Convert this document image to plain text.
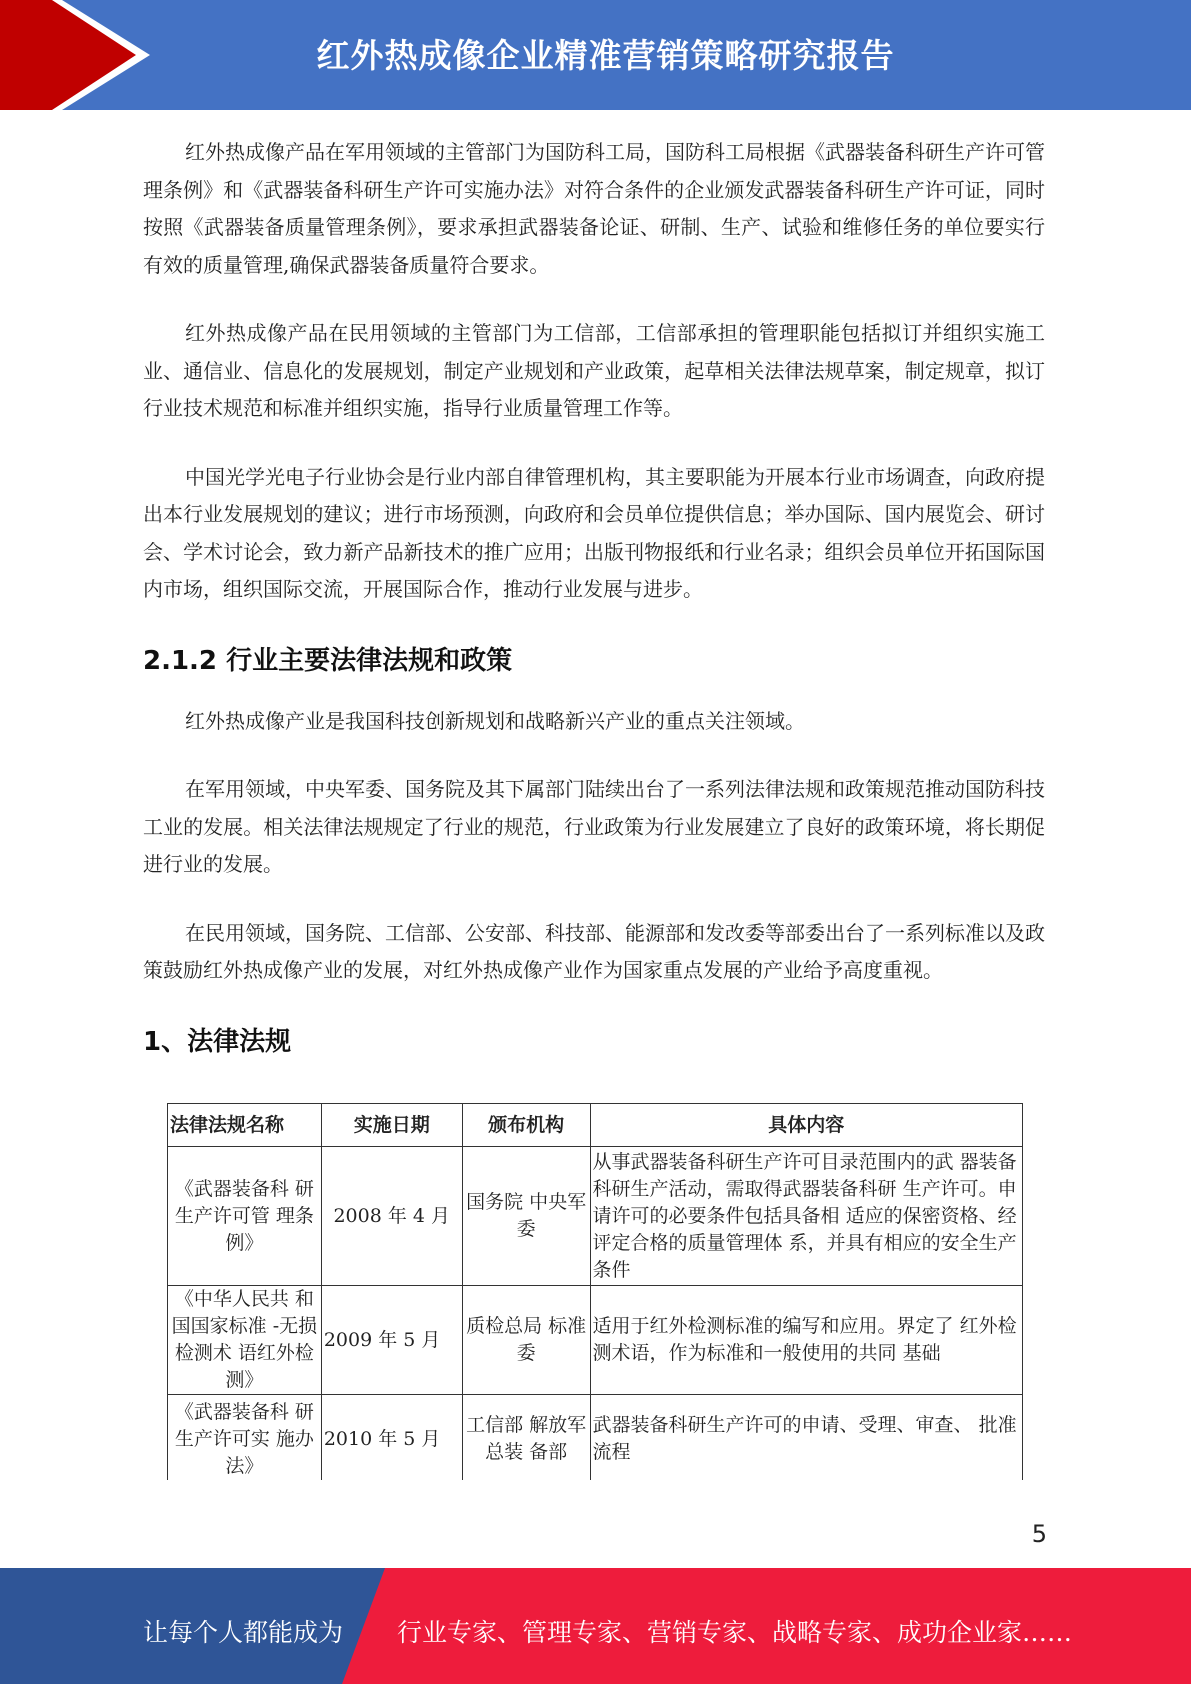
红外热成像企业精准营销策略研究报告

红外热成像产品在军用领域的主管部门为国防科工局，国防科工局根据《武器装备科研生产许可管理条例》和《武器装备科研生产许可实施办法》对符合条件的企业颁发武器装备科研生产许可证，同时按照《武器装备质量管理条例》，要求承担武器装备论证、研制、生产、试验和维修任务的单位要实行有效的质量管理,确保武器装备质量符合要求。

红外热成像产品在民用领域的主管部门为工信部，工信部承担的管理职能包括拟订并组织实施工业、通信业、信息化的发展规划，制定产业规划和产业政策，起草相关法律法规草案，制定规章，拟订行业技术规范和标准并组织实施，指导行业质量管理工作等。

中国光学光电子行业协会是行业内部自律管理机构，其主要职能为开展本行业市场调查，向政府提出本行业发展规划的建议；进行市场预测，向政府和会员单位提供信息；举办国际、国内展览会、研讨会、学术讨论会，致力新产品新技术的推广应用；出版刊物报纸和行业名录；组织会员单位开拓国际国内市场，组织国际交流，开展国际合作，推动行业发展与进步。

2.1.2 行业主要法律法规和政策

红外热成像产业是我国科技创新规划和战略新兴产业的重点关注领域。

在军用领域，中央军委、国务院及其下属部门陆续出台了一系列法律法规和政策规范推动国防科技工业的发展。相关法律法规规定了行业的规范，行业政策为行业发展建立了良好的政策环境，将长期促进行业的发展。

在民用领域，国务院、工信部、公安部、科技部、能源部和发改委等部委出台了一系列标准以及政策鼓励红外热成像产业的发展，对红外热成像产业作为国家重点发展的产业给予高度重视。

1、法律法规
法律法规名称	实施日期	颁布机构	具体内容
《武器装备科 研生产许可管 理条例》	2008 年 4 月	国务院 中央军委	从事武器装备科研生产许可目录范围内的武 器装备科研生产活动，需取得武器装备科研 生产许可。申请许可的必要条件包括具备相 适应的保密资格、经评定合格的质量管理体 系，并具有相应的安全生产条件
《中华人民共 和国国家标准 -无损检测术 语红外检测》	2009 年 5 月	质检总局 标准委	适用于红外检测标准的编写和应用。界定了 红外检测术语，作为标准和一般使用的共同 基础
《武器装备科 研生产许可实 施办法》	2010 年 5 月	工信部 解放军总装 备部	武器装备科研生产许可的申请、受理、审查、 批准流程
5
让每个人都能成为 行业专家、管理专家、营销专家、战略专家、成功企业家……
